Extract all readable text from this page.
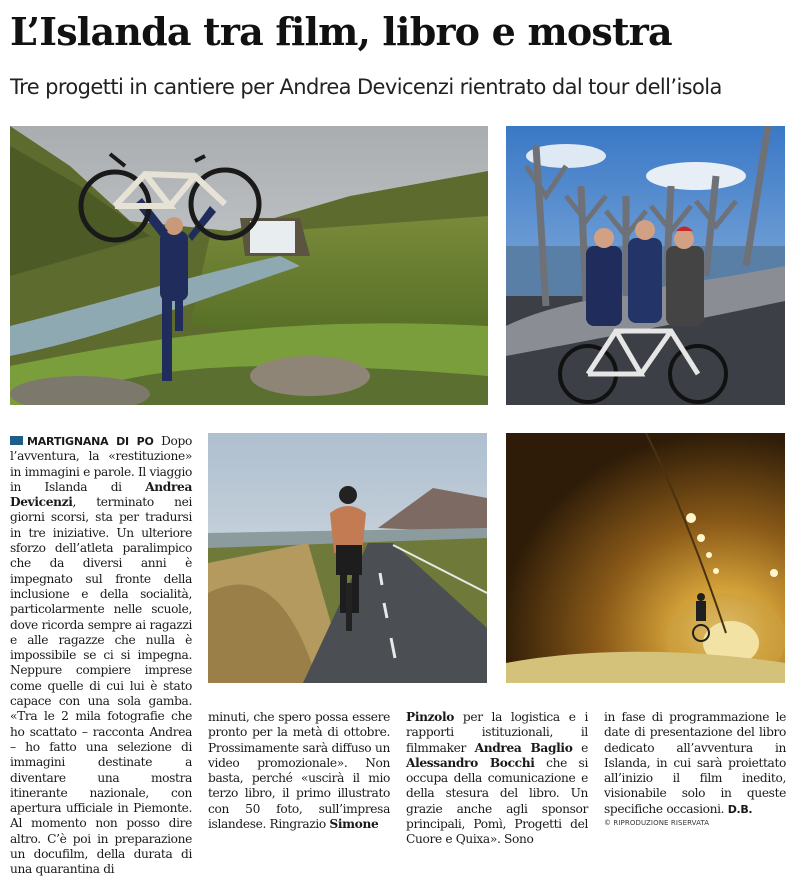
L’Islanda tra film, libro e mostra
Tre progetti in cantiere per Andrea Devicenzi rientrato dal tour dell’isola
MARTIGNANA DI PO Dopo l’avventura, la «restituzione» in immagini e parole. Il viaggio in Islanda di Andrea Devicenzi, terminato nei giorni scorsi, sta per tradursi in tre iniziative. Un ulteriore sforzo dell’atleta paralimpico che da diversi anni è impegnato sul fronte della inclusione e della socialità, particolarmente nelle scuole, dove ricorda sempre ai ragazzi e alle ragazze che nulla è impossibile se ci si impegna. Neppure compiere imprese come quelle di cui lui è stato capace con una sola gamba. «Tra le 2 mila fotografie che ho scattato – racconta Andrea – ho fatto una selezione di immagini destinate a diventare una mostra itinerante nazionale, con apertura ufficiale in Piemonte. Al momento non posso dire altro. C’è poi in preparazione un docufilm, della durata di una quarantina di
minuti, che spero possa essere pronto per la metà di ottobre. Prossimamente sarà diffuso un video promozionale». Non basta, perché «uscirà il mio terzo libro, il primo illustrato con 50 foto, sull’impresa islandese. Ringrazio Simone
Pinzolo per la logistica e i rapporti istituzionali, il filmmaker Andrea Baglio e Alessandro Bocchi che si occupa della comunicazione e della stesura del libro. Un grazie anche agli sponsor principali, Pomì, Progetti del Cuore e Quixa». Sono
in fase di programmazione le date di presentazione del libro dedicato all’avventura in Islanda, in cui sarà proiettato all’inizio il film inedito, visionabile solo in queste specifiche occasioni. D.B.
© RIPRODUZIONE RISERVATA
